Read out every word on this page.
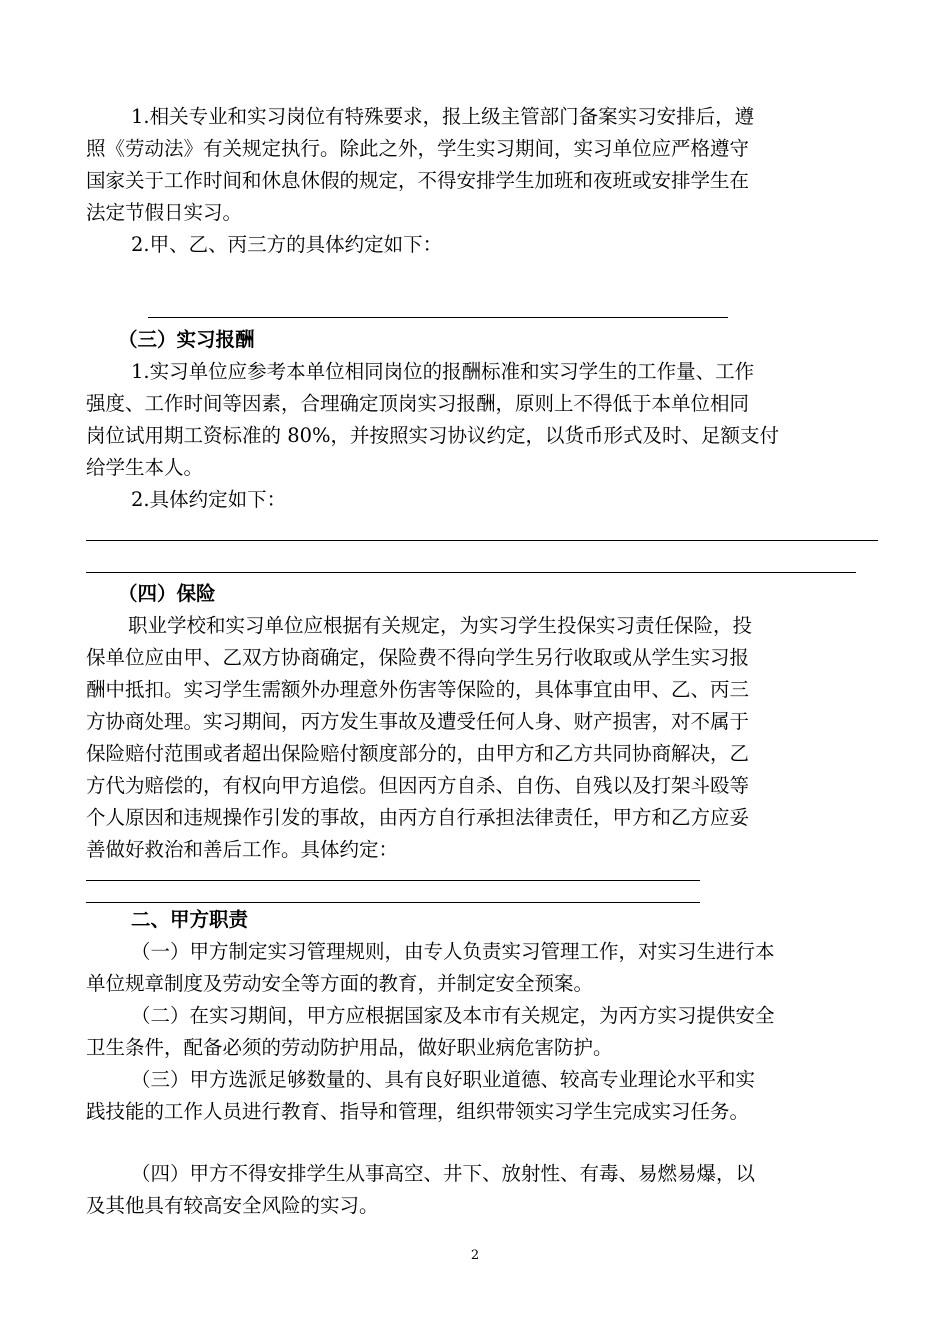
1.相关专业和实习岗位有特殊要求，报上级主管部门备案实习安排后，遵
照《劳动法》有关规定执行。除此之外，学生实习期间，实习单位应严格遵守
国家关于工作时间和休息休假的规定，不得安排学生加班和夜班或安排学生在
法定节假日实习。
2.甲、乙、丙三方的具体约定如下：
（三）实习报酬
1.实习单位应参考本单位相同岗位的报酬标准和实习学生的工作量、工作
强度、工作时间等因素，合理确定顶岗实习报酬，原则上不得低于本单位相同
岗位试用期工资标准的 80%，并按照实习协议约定，以货币形式及时、足额支付
给学生本人。
2.具体约定如下：
（四）保险
职业学校和实习单位应根据有关规定，为实习学生投保实习责任保险，投
保单位应由甲、乙双方协商确定，保险费不得向学生另行收取或从学生实习报
酬中抵扣。实习学生需额外办理意外伤害等保险的，具体事宜由甲、乙、丙三
方协商处理。实习期间，丙方发生事故及遭受任何人身、财产损害，对不属于
保险赔付范围或者超出保险赔付额度部分的，由甲方和乙方共同协商解决，乙
方代为赔偿的，有权向甲方追偿。但因丙方自杀、自伤、自残以及打架斗殴等
个人原因和违规操作引发的事故，由丙方自行承担法律责任，甲方和乙方应妥
善做好救治和善后工作。具体约定：
二、甲方职责
（一）甲方制定实习管理规则，由专人负责实习管理工作，对实习生进行本
单位规章制度及劳动安全等方面的教育，并制定安全预案。
（二）在实习期间，甲方应根据国家及本市有关规定，为丙方实习提供安全
卫生条件，配备必须的劳动防护用品，做好职业病危害防护。
（三）甲方选派足够数量的、具有良好职业道德、较高专业理论水平和实
践技能的工作人员进行教育、指导和管理，组织带领实习学生完成实习任务。
（四）甲方不得安排学生从事高空、井下、放射性、有毒、易燃易爆，以
及其他具有较高安全风险的实习。
2
